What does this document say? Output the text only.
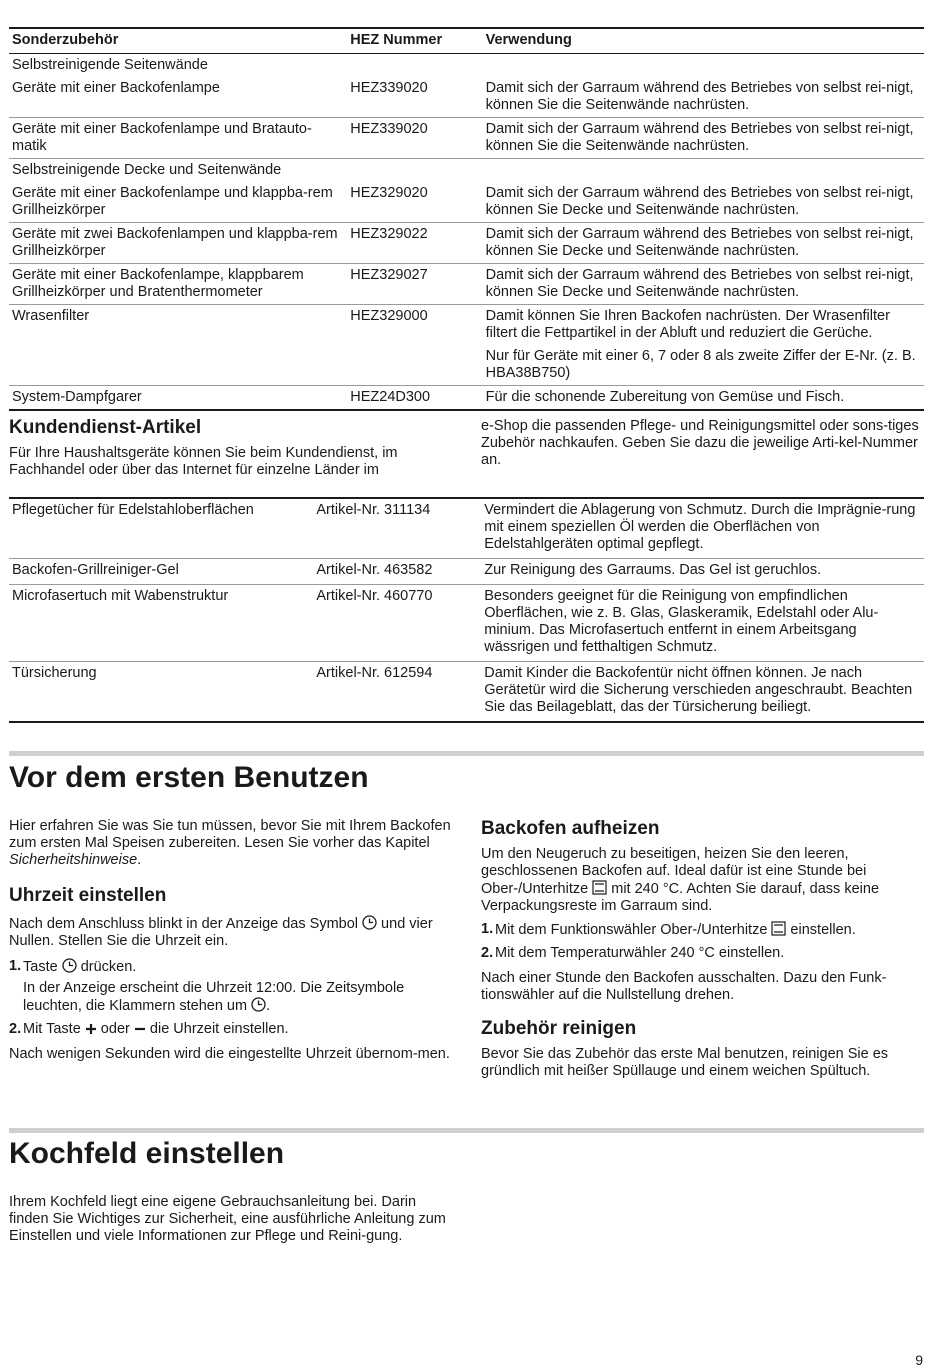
Sonderzubehör	HEZ Nummer	Verwendung
Selbstreinigende Seitenwände		
Geräte mit einer Backofenlampe	HEZ339020	Damit sich der Garraum während des Betriebes von selbst rei-nigt, können Sie die Seitenwände nachrüsten.
Geräte mit einer Backofenlampe und Bratauto-matik	HEZ339020	Damit sich der Garraum während des Betriebes von selbst rei-nigt, können Sie die Seitenwände nachrüsten.
Selbstreinigende Decke und Seitenwände		
Geräte mit einer Backofenlampe und klappba-rem Grillheizkörper	HEZ329020	Damit sich der Garraum während des Betriebes von selbst rei-nigt, können Sie Decke und Seitenwände nachrüsten.
Geräte mit zwei Backofenlampen und klappba-rem Grillheizkörper	HEZ329022	Damit sich der Garraum während des Betriebes von selbst rei-nigt, können Sie Decke und Seitenwände nachrüsten.
Geräte mit einer Backofenlampe, klappbarem Grillheizkörper und Bratenthermometer	HEZ329027	Damit sich der Garraum während des Betriebes von selbst rei-nigt, können Sie Decke und Seitenwände nachrüsten.
Wrasenfilter	HEZ329000	Damit können Sie Ihren Backofen nachrüsten. Der Wrasenfilter filtert die Fettpartikel in der Abluft und reduziert die Gerüche.

Nur für Geräte mit einer 6, 7 oder 8 als zweite Ziffer der E-Nr. (z. B. HBA38B750)

System-Dampfgarer	HEZ24D300	Für die schonende Zubereitung von Gemüse und Fisch.
Kundendienst-Artikel

Für Ihre Haushaltsgeräte können Sie beim Kundendienst, im Fachhandel oder über das Internet für einzelne Länder im

e-Shop die passenden Pflege- und Reinigungsmittel oder sons-tiges Zubehör nachkaufen. Geben Sie dazu die jeweilige Arti-kel-Nummer an.

Pflegetücher für Edelstahloberflächen	Artikel-Nr. 311134	Vermindert die Ablagerung von Schmutz. Durch die Imprägnie-rung mit einem speziellen Öl werden die Oberflächen von Edelstahlgeräten optimal gepflegt.
Backofen-Grillreiniger-Gel	Artikel-Nr. 463582	Zur Reinigung des Garraums. Das Gel ist geruchlos.
Microfasertuch mit Wabenstruktur	Artikel-Nr. 460770	Besonders geeignet für die Reinigung von empfindlichen Oberflächen, wie z. B. Glas, Glaskeramik, Edelstahl oder Alu-minium. Das Microfasertuch entfernt in einem Arbeitsgang wässrigen und fetthaltigen Schmutz.
Türsicherung	Artikel-Nr. 612594	Damit Kinder die Backofentür nicht öffnen können. Je nach Gerätetür wird die Sicherung verschieden angeschraubt. Beachten Sie das Beilageblatt, das der Türsicherung beiliegt.
Vor dem ersten Benutzen

Hier erfahren Sie was Sie tun müssen, bevor Sie mit Ihrem Backofen zum ersten Mal Speisen zubereiten. Lesen Sie vorher das Kapitel Sicherheitshinweise.

Uhrzeit einstellen

Nach dem Anschluss blinkt in der Anzeige das Symbol  und vier Nullen. Stellen Sie die Uhrzeit ein.

1. Taste  drücken.

In der Anzeige erscheint die Uhrzeit 12:00. Die Zeitsymbole leuchten, die Klammern stehen um .

2. Mit Taste  oder  die Uhrzeit einstellen.

Nach wenigen Sekunden wird die eingestellte Uhrzeit übernom-men.

Backofen aufheizen

Um den Neugeruch zu beseitigen, heizen Sie den leeren, geschlossenen Backofen auf. Ideal dafür ist eine Stunde bei Ober-/Unterhitze  mit 240 °C. Achten Sie darauf, dass keine Verpackungsreste im Garraum sind.

1. Mit dem Funktionswähler Ober-/Unterhitze  einstellen.
2. Mit dem Temperaturwähler 240 °C einstellen.

Nach einer Stunde den Backofen ausschalten. Dazu den Funk-tionswähler auf die Nullstellung drehen.

Zubehör reinigen

Bevor Sie das Zubehör das erste Mal benutzen, reinigen Sie es gründlich mit heißer Spüllauge und einem weichen Spültuch.

Kochfeld einstellen

Ihrem Kochfeld liegt eine eigene Gebrauchsanleitung bei. Darin finden Sie Wichtiges zur Sicherheit, eine ausführliche Anleitung zum Einstellen und viele Informationen zur Pflege und Reini-gung.

9
